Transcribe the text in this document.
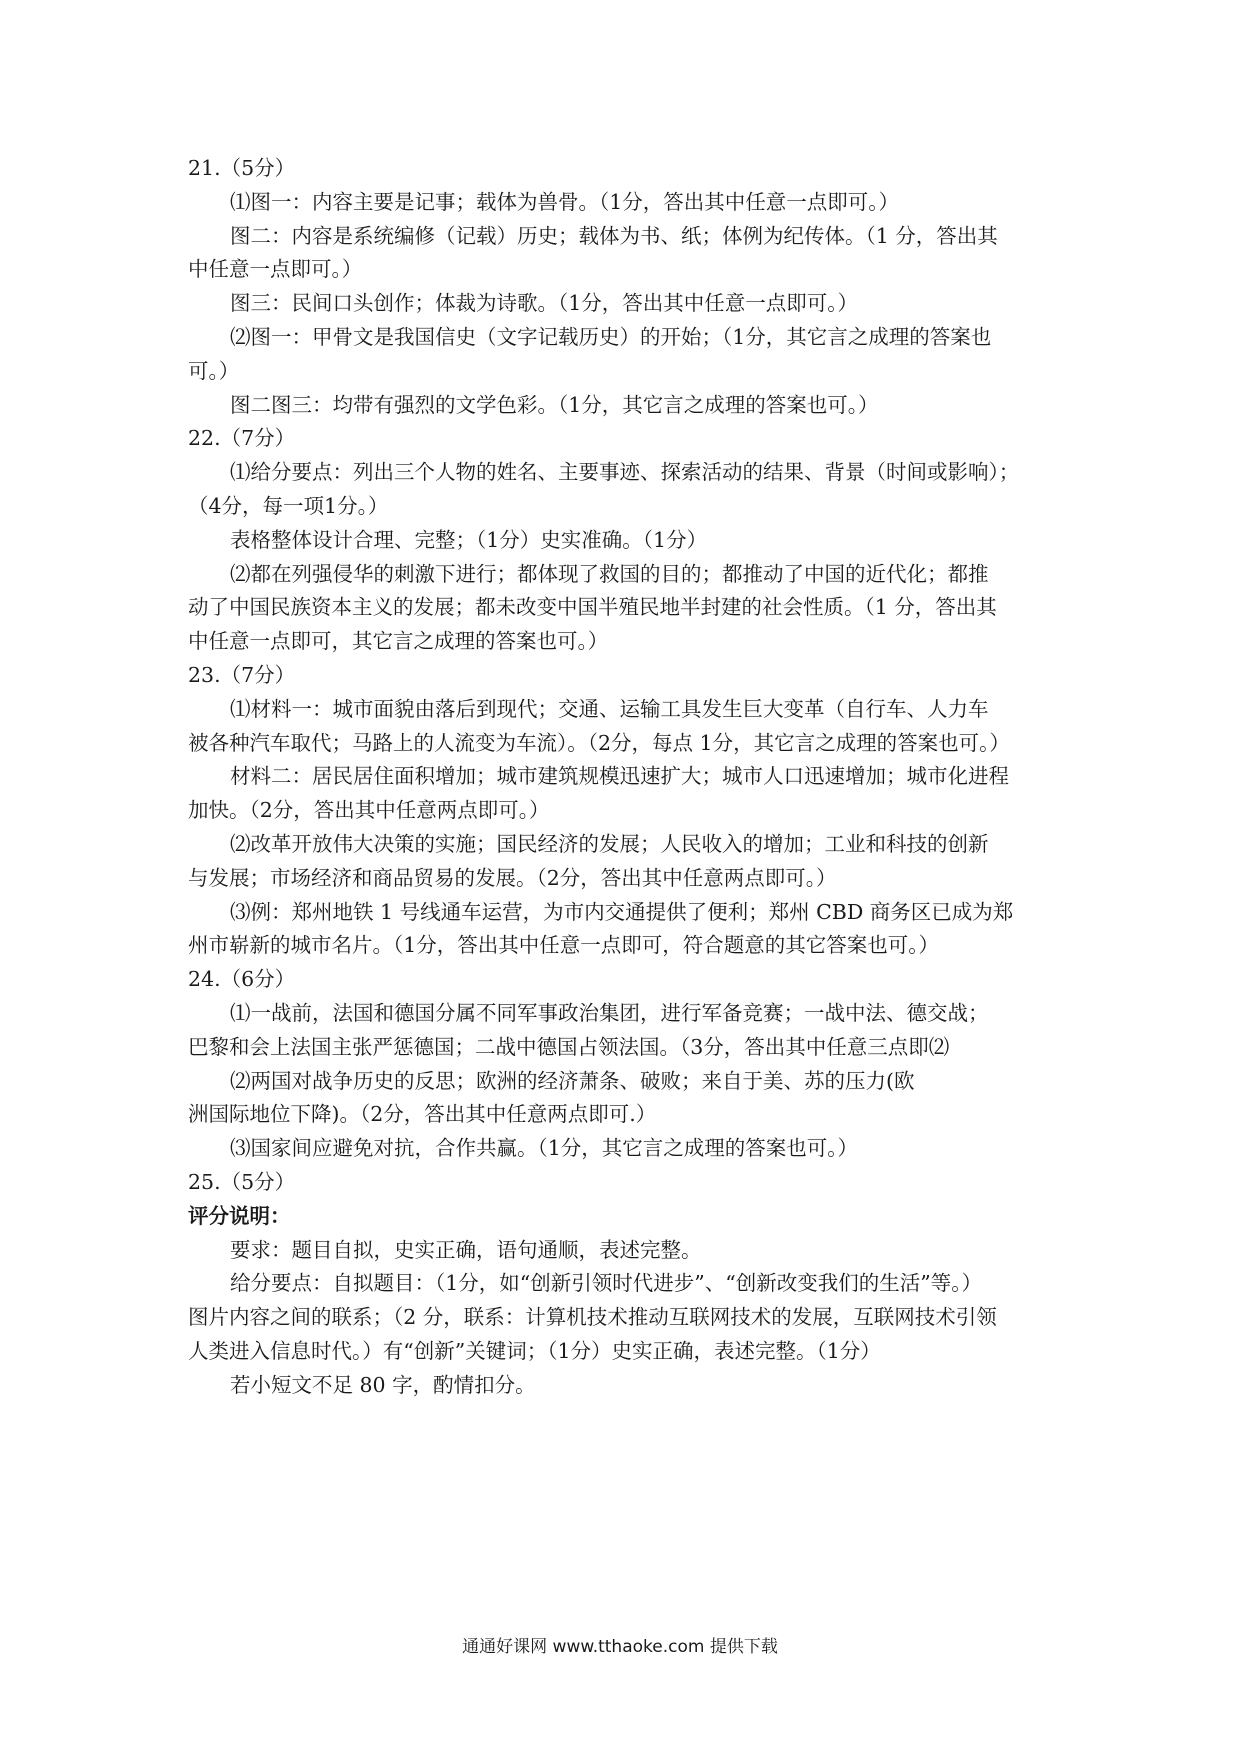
21.（5分）
⑴图一：内容主要是记事；载体为兽骨。（1分，答出其中任意一点即可。）
图二：内容是系统编修（记载）历史；载体为书、纸；体例为纪传体。（1 分，答出其
中任意一点即可。）
图三：民间口头创作；体裁为诗歌。（1分，答出其中任意一点即可。）
⑵图一：甲骨文是我国信史（文字记载历史）的开始；（1分，其它言之成理的答案也
可。）
图二图三：均带有强烈的文学色彩。（1分，其它言之成理的答案也可。）
22.（7分）
⑴给分要点：列出三个人物的姓名、主要事迹、探索活动的结果、背景（时间或影响）；
（4分，每一项1分。）
表格整体设计合理、完整；（1分）史实准确。（1分）
⑵都在列强侵华的刺激下进行；都体现了救国的目的；都推动了中国的近代化；都推
动了中国民族资本主义的发展；都未改变中国半殖民地半封建的社会性质。（1 分，答出其
中任意一点即可，其它言之成理的答案也可。）
23.（7分）
⑴材料一：城市面貌由落后到现代；交通、运输工具发生巨大变革（自行车、人力车
被各种汽车取代；马路上的人流变为车流）。（2分，每点 1分，其它言之成理的答案也可。）
材料二：居民居住面积增加；城市建筑规模迅速扩大；城市人口迅速增加；城市化进程
加快。（2分，答出其中任意两点即可。）
⑵改革开放伟大决策的实施；国民经济的发展；人民收入的增加；工业和科技的创新
与发展；市场经济和商品贸易的发展。（2分，答出其中任意两点即可。）
⑶例：郑州地铁 1 号线通车运营，为市内交通提供了便利；郑州 CBD 商务区已成为郑
州市崭新的城市名片。（1分，答出其中任意一点即可，符合题意的其它答案也可。）
24.（6分）
⑴一战前，法国和德国分属不同军事政治集团，进行军备竞赛；一战中法、德交战；
巴黎和会上法国主张严惩德国；二战中德国占领法国。（3分，答出其中任意三点即⑵
⑵两国对战争历史的反思；欧洲的经济萧条、破败；来自于美、苏的压力(欧
洲国际地位下降)。（2分，答出其中任意两点即可.）
⑶国家间应避免对抗，合作共赢。（1分，其它言之成理的答案也可。）
25.（5分）
评分说明：
要求：题目自拟，史实正确，语句通顺，表述完整。
给分要点：自拟题目：（1分，如“创新引领时代进步”、“创新改变我们的生活”等。）
图片内容之间的联系；（2 分，联系：计算机技术推动互联网技术的发展，互联网技术引领
人类进入信息时代。）有“创新”关键词；（1分）史实正确，表述完整。（1分）
若小短文不足 80 字，酌情扣分。
通通好课网 www.tthaoke.com 提供下载
